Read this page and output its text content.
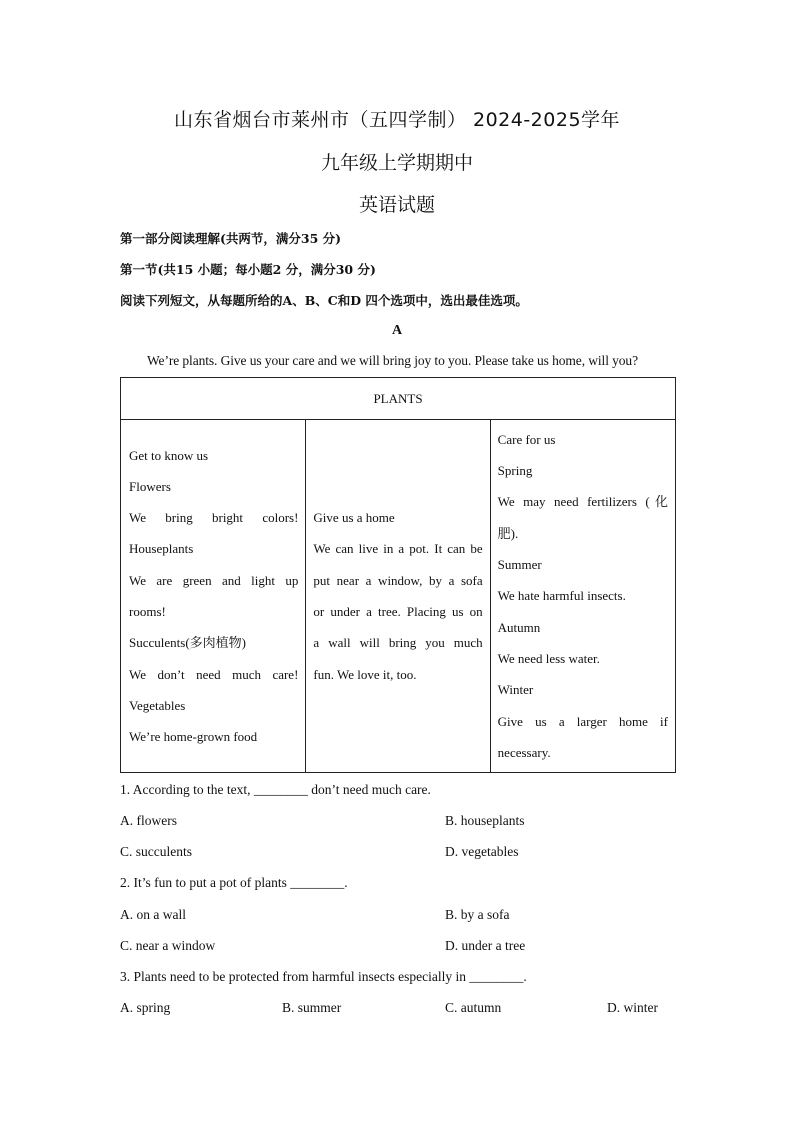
山东省烟台市莱州市（五四学制） 2024-2025学年
九年级上学期期中
英语试题
第一部分阅读理解(共两节，满分35 分)
第一节(共15 小题；每小题2 分，满分30 分)
阅读下列短文，从每题所给的A、B、C和D 四个选项中，选出最佳选项。
A
We’re plants. Give us your care and we will bring joy to you. Please take us home, will you?
PLANTS

Get to know us
Flowers
We bring bright colors!
Houseplants
We are green and light up
rooms!
Succulents(多肉植物)
We don’t need much care!
Vegetables
We’re home-grown food

Give us a home
We can live in a pot. It can be
put near a window, by a sofa
or under a tree. Placing us on
a wall will bring you much
fun. We love it, too.

Care for us
Spring
We may need fertilizers (化
肥).
Summer
We hate harmful insects.
Autumn
We need less water.
Winter
Give us a larger home if
necessary.
1. According to the text, ________ don’t need much care.
A. flowers	B. houseplants
C. succulents	D. vegetables
2. It’s fun to put a pot of plants ________.
A. on a wall	B. by a sofa
C. near a window	D. under a tree
3. Plants need to be protected from harmful insects especially in ________.
A. spring	B. summer	C. autumn	D. winter
